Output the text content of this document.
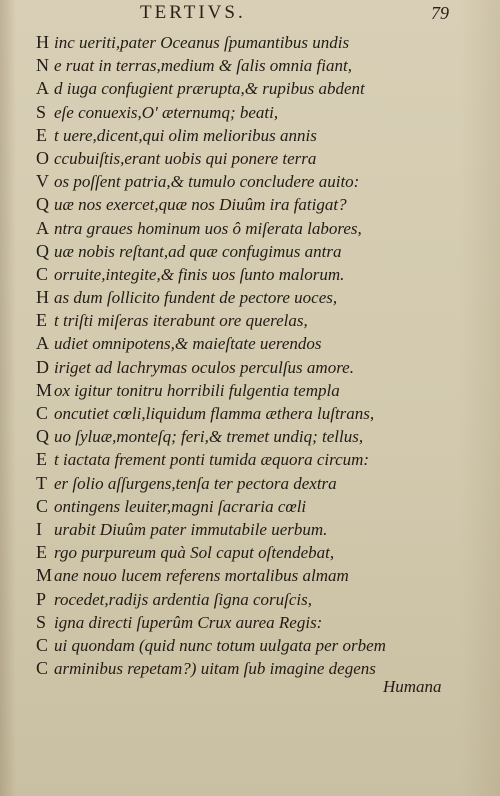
TERTIVS.	79
H inc ueriti,pater Oceanus ſpumantibus undis
N e ruat in terras,medium & ſalis omnia fiant,
A d iuga confugient prærupta,& rupibus abdent
S eſe conuexis,O' æternumq; beati,
E t uere,dicent,qui olim melioribus annis
O ccubuiſtis,erant uobis qui ponere terra
V os poſſent patria,& tumulo concludere auito:
Q uæ nos exercet,quæ nos Diuûm ira fatigat?
A ntra graues hominum uos ô miſerata labores,
Q uæ nobis reſtant,ad quæ confugimus antra
C orruite,integite,& finis uos ſunto malorum.
H as dum ſollicito fundent de pectore uoces,
E t triſti miſeras iterabunt ore querelas,
A udiet omnipotens,& maieſtate uerendos
D iriget ad lachrymas oculos perculſus amore.
M ox igitur tonitru horribili fulgentia templa
C oncutiet cœli,liquidum flamma æthera luſtrans,
Q uo ſyluæ,monteſq; feri,& tremet undiq; tellus,
E t iactata frement ponti tumida æquora circum:
T er ſolio aſſurgens,tenſa ter pectora dextra
C ontingens leuiter,magni ſacraria cœli
I urabit Diuûm pater immutabile uerbum.
E rgo purpureum quà Sol caput oſtendebat,
M ane nouo lucem referens mortalibus almam
P rocedet,radijs ardentia ſigna coruſcis,
S igna directi ſuperûm Crux aurea Regis:
C ui quondam (quid nunc totum uulgata per orbem
C arminibus repetam?) uitam ſub imagine degens
Humana
